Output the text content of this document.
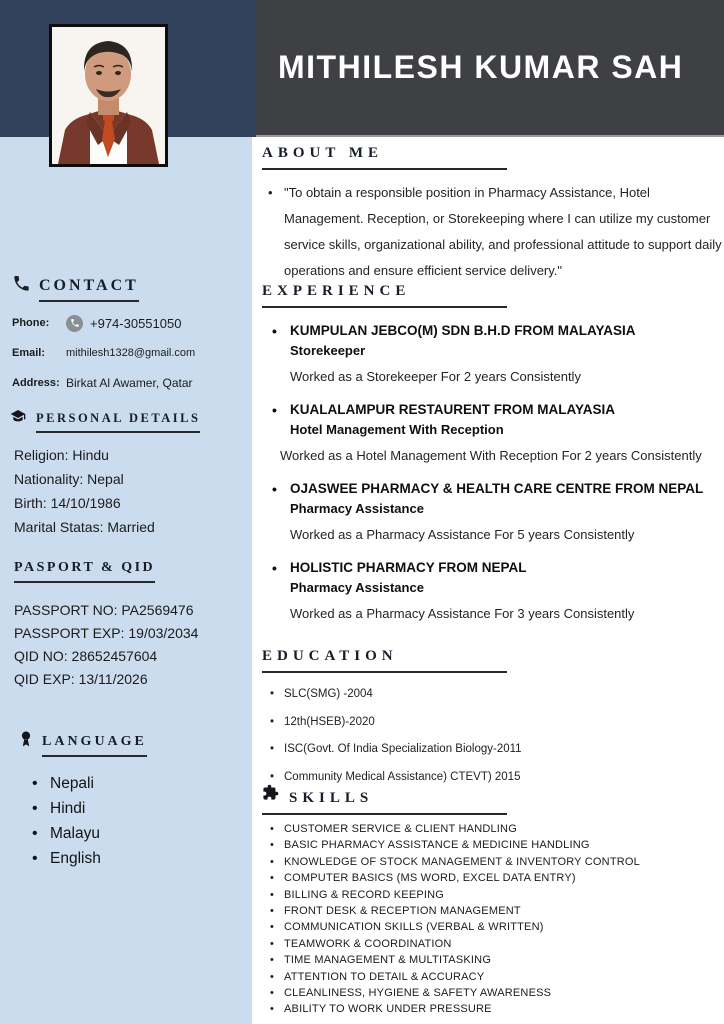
MITHILESH KUMAR SAH
CONTACT
Phone:	+974-30551050
Email:	mithilesh1328@gmail.com
Address: Birkat Al Awamer, Qatar
PERSONAL DETAILS
Religion: Hindu
Nationality: Nepal
Birth: 14/10/1986
Marital Statas: Married
PASPORT & QID
PASSPORT NO: PA2569476
PASSPORT EXP: 19/03/2034
QID NO: 28652457604
QID EXP: 13/11/2026
LANGUAGE
• Nepali
• Hindi
• Malayu
• English
ABOUT ME

• "To obtain a responsible position in Pharmacy Assistance, Hotel Management. Reception, or Storekeeping where I can utilize my customer service skills, organizational ability, and professional attitude to support daily operations and ensure efficient service delivery."

EXPERIENCE
• KUMPULAN JEBCO(M) SDN B.H.D FROM MALAYASIA
Storekeeper
Worked as a Storekeeper For 2 years Consistently
• KUALALAMPUR RESTAURENT FROM MALAYASIA
Hotel Management With Reception
Worked as a Hotel Management With Reception For 2 years Consistently
• OJASWEE PHARMACY & HEALTH CARE CENTRE FROM NEPAL
Pharmacy Assistance
Worked as a Pharmacy Assistance For 5 years Consistently
• HOLISTIC PHARMACY FROM NEPAL
Pharmacy Assistance
Worked as a Pharmacy Assistance For 3 years Consistently
EDUCATION
• SLC(SMG) -2004
• 12th(HSEB)-2020
• ISC(Govt. Of India Specialization Biology-2011
• Community Medical Assistance) CTEVT) 2015
SKILLS
• CUSTOMER SERVICE & CLIENT HANDLING
• BASIC PHARMACY ASSISTANCE & MEDICINE HANDLING
• KNOWLEDGE OF STOCK MANAGEMENT & INVENTORY CONTROL
• COMPUTER BASICS (MS WORD, EXCEL DATA ENTRY)
• BILLING & RECORD KEEPING
• FRONT DESK & RECEPTION MANAGEMENT
• COMMUNICATION SKILLS (VERBAL & WRITTEN)
• TEAMWORK & COORDINATION
• TIME MANAGEMENT & MULTITASKING
• ATTENTION TO DETAIL & ACCURACY
• CLEANLINESS, HYGIENE & SAFETY AWARENESS
• ABILITY TO WORK UNDER PRESSURE
